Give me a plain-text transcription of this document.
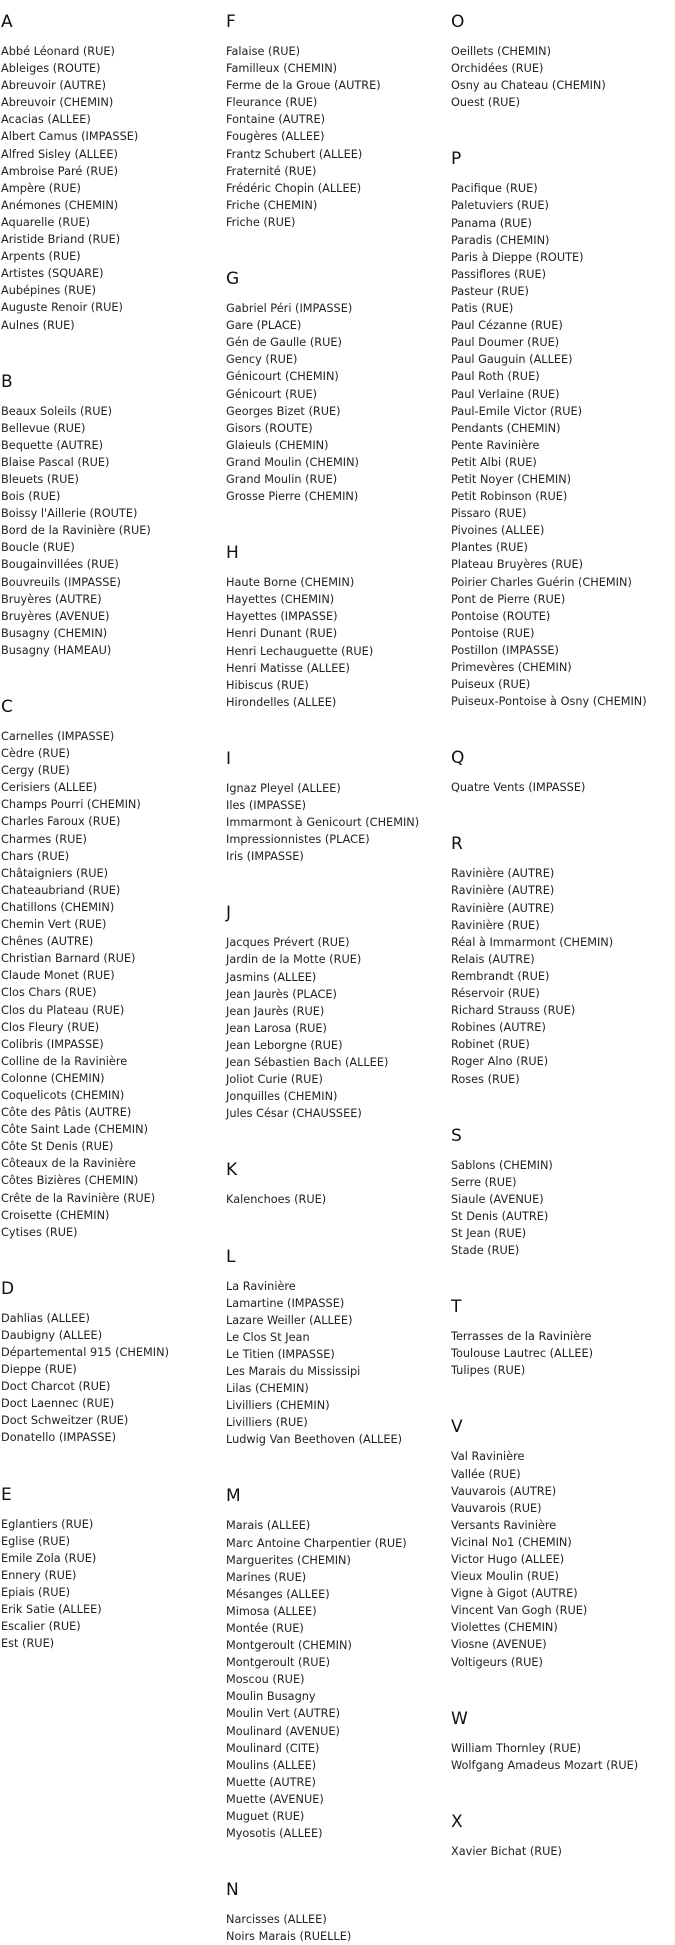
A
Abbé Léonard (RUE)
Ableiges (ROUTE)
Abreuvoir (AUTRE)
Abreuvoir (CHEMIN)
Acacias (ALLEE)
Albert Camus (IMPASSE)
Alfred Sisley (ALLEE)
Ambroise Paré (RUE)
Ampère (RUE)
Anémones (CHEMIN)
Aquarelle (RUE)
Aristide Briand (RUE)
Arpents (RUE)
Artistes (SQUARE)
Aubépines (RUE)
Auguste Renoir (RUE)
Aulnes (RUE)
B
Beaux Soleils (RUE)
Bellevue (RUE)
Bequette (AUTRE)
Blaise Pascal (RUE)
Bleuets (RUE)
Bois (RUE)
Boissy l'Aillerie (ROUTE)
Bord de la Ravinière (RUE)
Boucle (RUE)
Bougainvillées (RUE)
Bouvreuils (IMPASSE)
Bruyères (AUTRE)
Bruyères (AVENUE)
Busagny (CHEMIN)
Busagny (HAMEAU)
C
Carnelles (IMPASSE)
Cèdre (RUE)
Cergy (RUE)
Cerisiers (ALLEE)
Champs Pourri (CHEMIN)
Charles Faroux (RUE)
Charmes (RUE)
Chars (RUE)
Châtaigniers (RUE)
Chateaubriand (RUE)
Chatillons (CHEMIN)
Chemin Vert (RUE)
Chênes (AUTRE)
Christian Barnard (RUE)
Claude Monet (RUE)
Clos Chars (RUE)
Clos du Plateau (RUE)
Clos Fleury (RUE)
Colibris (IMPASSE)
Colline de la Ravinière
Colonne (CHEMIN)
Coquelicots (CHEMIN)
Côte des Pâtis (AUTRE)
Côte Saint Lade (CHEMIN)
Côte St Denis (RUE)
Côteaux de la Ravinière
Côtes Bizières (CHEMIN)
Crête de la Ravinière (RUE)
Croisette (CHEMIN)
Cytises (RUE)
D
Dahlias (ALLEE)
Daubigny (ALLEE)
Départemental 915 (CHEMIN)
Dieppe (RUE)
Doct Charcot (RUE)
Doct Laennec (RUE)
Doct Schweitzer (RUE)
Donatello (IMPASSE)
E
Eglantiers (RUE)
Eglise (RUE)
Emile Zola (RUE)
Ennery (RUE)
Epiais (RUE)
Erik Satie (ALLEE)
Escalier (RUE)
Est (RUE)
F
Falaise (RUE)
Familleux (CHEMIN)
Ferme de la Groue (AUTRE)
Fleurance (RUE)
Fontaine (AUTRE)
Fougères (ALLEE)
Frantz Schubert (ALLEE)
Fraternité (RUE)
Frédéric Chopin (ALLEE)
Friche (CHEMIN)
Friche (RUE)
G
Gabriel Péri (IMPASSE)
Gare (PLACE)
Gén de Gaulle (RUE)
Gency (RUE)
Génicourt (CHEMIN)
Génicourt (RUE)
Georges Bizet (RUE)
Gisors (ROUTE)
Glaieuls (CHEMIN)
Grand Moulin (CHEMIN)
Grand Moulin (RUE)
Grosse Pierre (CHEMIN)
H
Haute Borne (CHEMIN)
Hayettes (CHEMIN)
Hayettes (IMPASSE)
Henri Dunant (RUE)
Henri Lechauguette (RUE)
Henri Matisse (ALLEE)
Hibiscus (RUE)
Hirondelles (ALLEE)
I
Ignaz Pleyel (ALLEE)
Iles (IMPASSE)
Immarmont à Genicourt (CHEMIN)
Impressionnistes (PLACE)
Iris (IMPASSE)
J
Jacques Prévert (RUE)
Jardin de la Motte (RUE)
Jasmins (ALLEE)
Jean Jaurès (PLACE)
Jean Jaurès (RUE)
Jean Larosa (RUE)
Jean Leborgne (RUE)
Jean Sébastien Bach (ALLEE)
Joliot Curie (RUE)
Jonquilles (CHEMIN)
Jules César (CHAUSSEE)
K
Kalenchoes (RUE)
L
La Ravinière
Lamartine (IMPASSE)
Lazare Weiller (ALLEE)
Le Clos St Jean
Le Titien (IMPASSE)
Les Marais du Mississipi
Lilas (CHEMIN)
Livilliers (CHEMIN)
Livilliers (RUE)
Ludwig Van Beethoven (ALLEE)
M
Marais (ALLEE)
Marc Antoine Charpentier (RUE)
Marguerites (CHEMIN)
Marines (RUE)
Mésanges (ALLEE)
Mimosa (ALLEE)
Montée (RUE)
Montgeroult (CHEMIN)
Montgeroult (RUE)
Moscou (RUE)
Moulin Busagny
Moulin Vert (AUTRE)
Moulinard (AVENUE)
Moulinard (CITE)
Moulins (ALLEE)
Muette (AUTRE)
Muette (AVENUE)
Muguet (RUE)
Myosotis (ALLEE)
N
Narcisses (ALLEE)
Noirs Marais (RUELLE)
O
Oeillets (CHEMIN)
Orchidées (RUE)
Osny au Chateau (CHEMIN)
Ouest (RUE)
P
Pacifique (RUE)
Paletuviers (RUE)
Panama (RUE)
Paradis (CHEMIN)
Paris à Dieppe (ROUTE)
Passiflores (RUE)
Pasteur (RUE)
Patis (RUE)
Paul Cézanne (RUE)
Paul Doumer (RUE)
Paul Gauguin (ALLEE)
Paul Roth (RUE)
Paul Verlaine (RUE)
Paul-Emile Victor (RUE)
Pendants (CHEMIN)
Pente Ravinière
Petit Albi (RUE)
Petit Noyer (CHEMIN)
Petit Robinson (RUE)
Pissaro (RUE)
Pivoines (ALLEE)
Plantes (RUE)
Plateau Bruyères (RUE)
Poirier Charles Guérin (CHEMIN)
Pont de Pierre (RUE)
Pontoise (ROUTE)
Pontoise (RUE)
Postillon (IMPASSE)
Primevères (CHEMIN)
Puiseux (RUE)
Puiseux-Pontoise à Osny (CHEMIN)
Q
Quatre Vents (IMPASSE)
R
Ravinière (AUTRE)
Ravinière (AUTRE)
Ravinière (AUTRE)
Ravinière (RUE)
Réal à Immarmont (CHEMIN)
Relais (AUTRE)
Rembrandt (RUE)
Réservoir (RUE)
Richard Strauss (RUE)
Robines (AUTRE)
Robinet (RUE)
Roger Alno (RUE)
Roses (RUE)
S
Sablons (CHEMIN)
Serre (RUE)
Siaule (AVENUE)
St Denis (AUTRE)
St Jean (RUE)
Stade (RUE)
T
Terrasses de la Ravinière
Toulouse Lautrec (ALLEE)
Tulipes (RUE)
V
Val Ravinière
Vallée (RUE)
Vauvarois (AUTRE)
Vauvarois (RUE)
Versants Ravinière
Vicinal No1 (CHEMIN)
Victor Hugo (ALLEE)
Vieux Moulin (RUE)
Vigne à Gigot (AUTRE)
Vincent Van Gogh (RUE)
Violettes (CHEMIN)
Viosne (AVENUE)
Voltigeurs (RUE)
W
William Thornley (RUE)
Wolfgang Amadeus Mozart (RUE)
X
Xavier Bichat (RUE)
